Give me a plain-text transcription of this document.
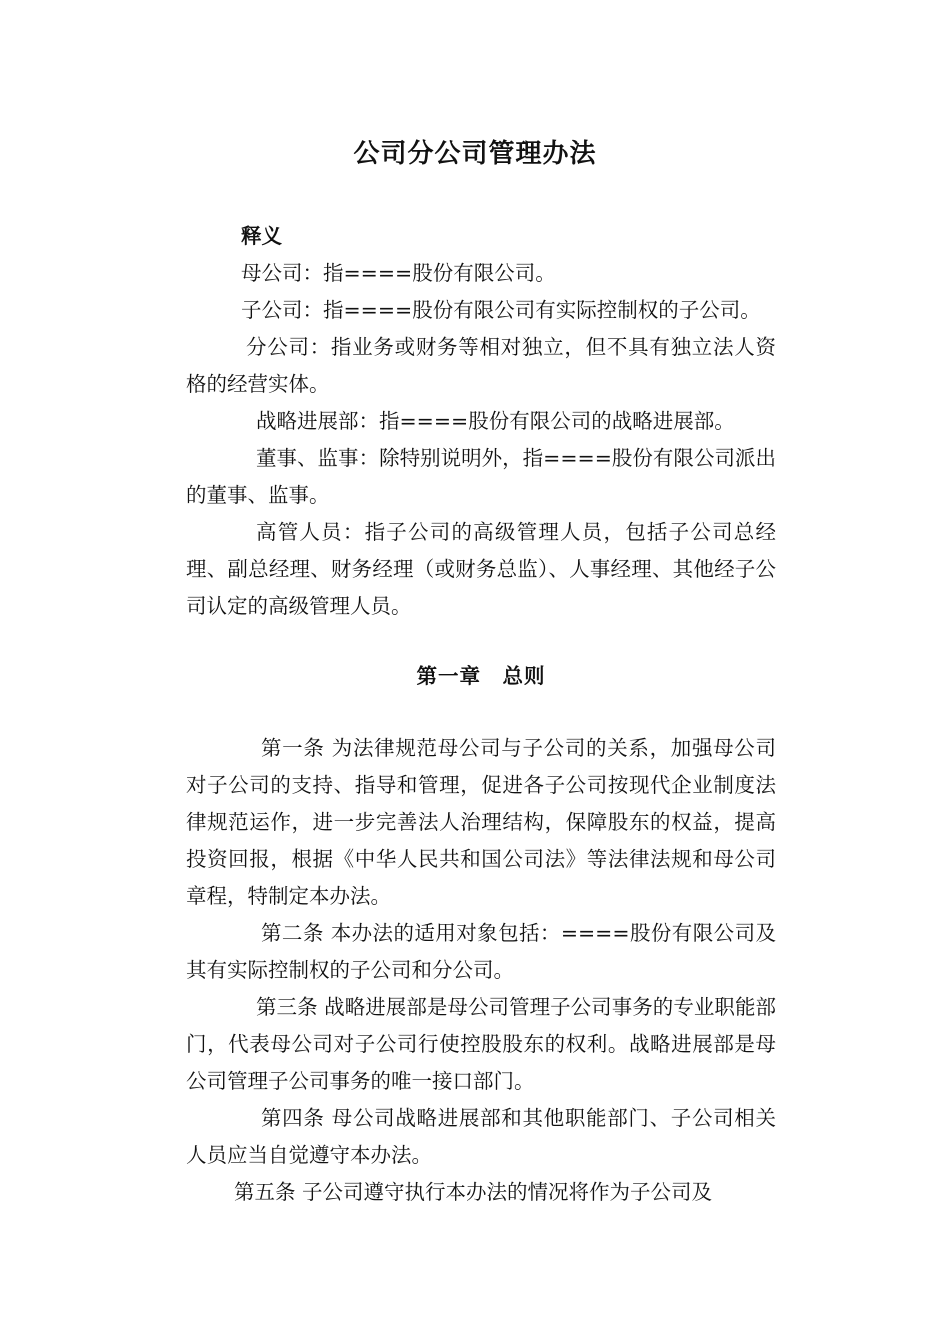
公司分公司管理办法

释义

母公司：指====股份有限公司。

子公司：指====股份有限公司有实际控制权的子公司。

分公司：指业务或财务等相对独立，但不具有独立法人资格的经营实体。

战略进展部：指====股份有限公司的战略进展部。

董事、监事：除特别说明外，指====股份有限公司派出的董事、监事。

高管人员：指子公司的高级管理人员，包括子公司总经理、副总经理、财务经理（或财务总监）、人事经理、其他经子公司认定的高级管理人员。

第一章　总则

第一条 为法律规范母公司与子公司的关系，加强母公司对子公司的支持、指导和管理，促进各子公司按现代企业制度法律规范运作，进一步完善法人治理结构，保障股东的权益，提高投资回报，根据《中华人民共和国公司法》等法律法规和母公司章程，特制定本办法。

第二条 本办法的适用对象包括：====股份有限公司及其有实际控制权的子公司和分公司。

第三条 战略进展部是母公司管理子公司事务的专业职能部门，代表母公司对子公司行使控股股东的权利。战略进展部是母公司管理子公司事务的唯一接口部门。

第四条 母公司战略进展部和其他职能部门、子公司相关人员应当自觉遵守本办法。

第五条 子公司遵守执行本办法的情况将作为子公司及
